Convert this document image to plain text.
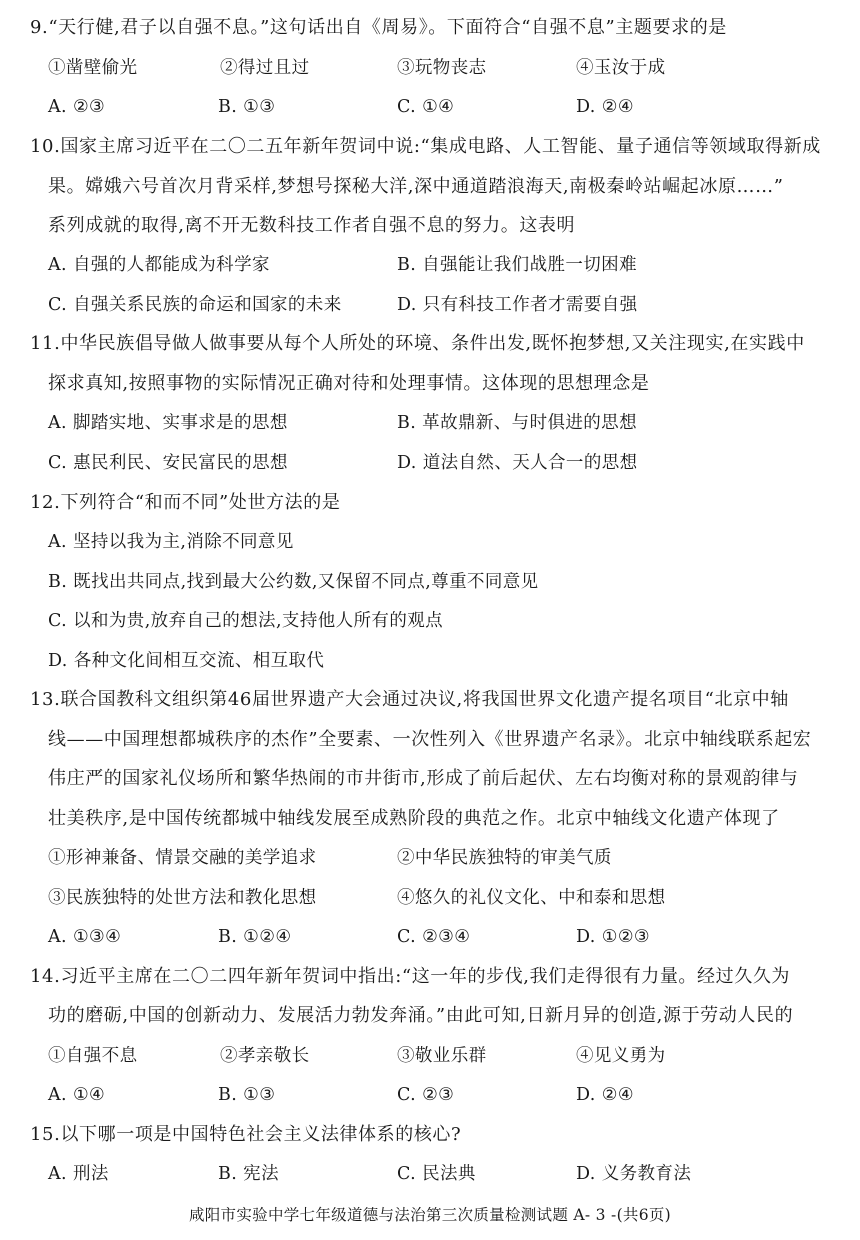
9.“天行健,君子以自强不息。”这句话出自《周易》。下面符合“自强不息”主题要求的是
①凿壁偷光	②得过且过	③玩物丧志	④玉汝于成
A. ②③	B. ①③	C. ①④	D. ②④
10.国家主席习近平在二〇二五年新年贺词中说:“集成电路、人工智能、量子通信等领域取得新成
果。嫦娥六号首次月背采样,梦想号探秘大洋,深中通道踏浪海天,南极秦岭站崛起冰原……”
系列成就的取得,离不开无数科技工作者自强不息的努力。这表明
A. 自强的人都能成为科学家	B. 自强能让我们战胜一切困难
C. 自强关系民族的命运和国家的未来	D. 只有科技工作者才需要自强
11.中华民族倡导做人做事要从每个人所处的环境、条件出发,既怀抱梦想,又关注现实,在实践中
探求真知,按照事物的实际情况正确对待和处理事情。这体现的思想理念是
A. 脚踏实地、实事求是的思想	B. 革故鼎新、与时俱进的思想
C. 惠民利民、安民富民的思想	D. 道法自然、天人合一的思想
12.下列符合“和而不同”处世方法的是
A. 坚持以我为主,消除不同意见
B. 既找出共同点,找到最大公约数,又保留不同点,尊重不同意见
C. 以和为贵,放弃自己的想法,支持他人所有的观点
D. 各种文化间相互交流、相互取代
13.联合国教科文组织第46届世界遗产大会通过决议,将我国世界文化遗产提名项目“北京中轴
线——中国理想都城秩序的杰作”全要素、一次性列入《世界遗产名录》。北京中轴线联系起宏
伟庄严的国家礼仪场所和繁华热闹的市井街市,形成了前后起伏、左右均衡对称的景观韵律与
壮美秩序,是中国传统都城中轴线发展至成熟阶段的典范之作。北京中轴线文化遗产体现了
①形神兼备、情景交融的美学追求	②中华民族独特的审美气质
③民族独特的处世方法和教化思想	④悠久的礼仪文化、中和泰和思想
A. ①③④	B. ①②④	C. ②③④	D. ①②③
14.习近平主席在二〇二四年新年贺词中指出:“这一年的步伐,我们走得很有力量。经过久久为
功的磨砺,中国的创新动力、发展活力勃发奔涌。”由此可知,日新月异的创造,源于劳动人民的
①自强不息	②孝亲敬长	③敬业乐群	④见义勇为
A. ①④	B. ①③	C. ②③	D. ②④
15.以下哪一项是中国特色社会主义法律体系的核心?
A. 刑法	B. 宪法	C. 民法典	D. 义务教育法
咸阳市实验中学七年级道德与法治第三次质量检测试题 A- 3 -(共6页)
